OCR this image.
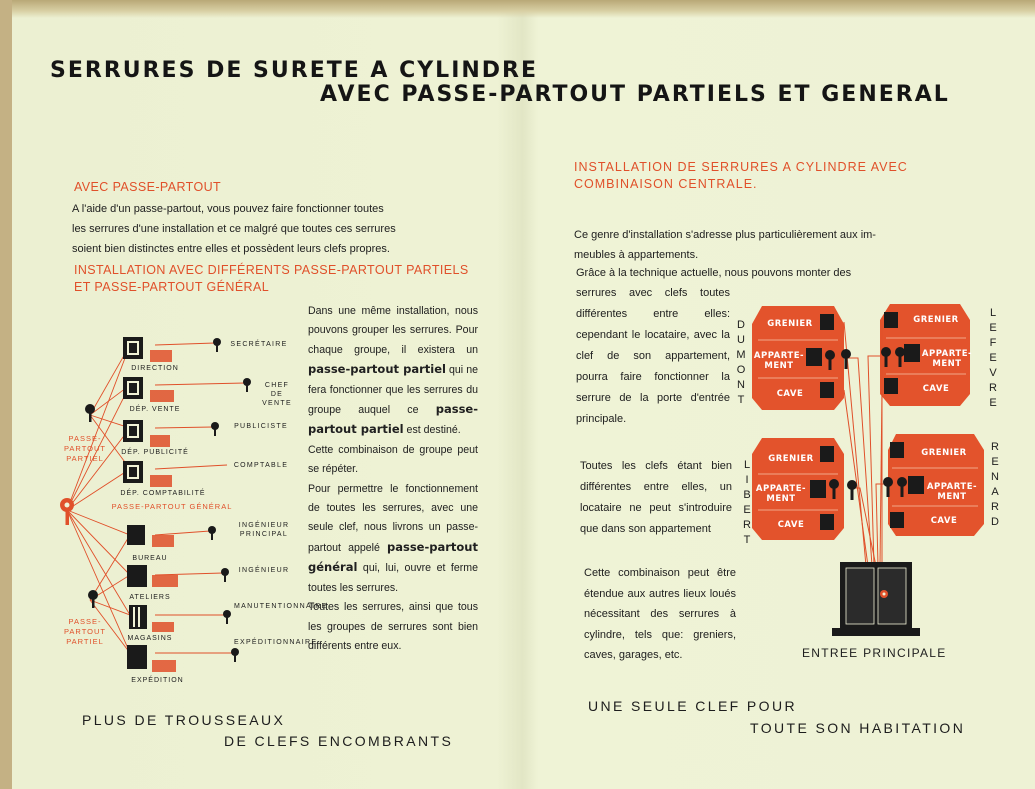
SERRURES DE SURETE A CYLINDRE
AVEC PASSE-PARTOUT PARTIELS ET GENERAL
AVEC PASSE-PARTOUT

A l'aide d'un passe-partout, vous pouvez faire fonctionner toutes

les serrures d'une installation et ce malgré que toutes ces serrures

soient bien distinctes entre elles et possèdent leurs clefs propres.

INSTALLATION AVEC DIFFÉRENTS PASSE-PARTOUT PARTIELS
ET PASSE-PARTOUT GÉNÉRAL
Dans une même installation, nous pouvons grouper les serrures. Pour chaque groupe, il existera un passe-partout partiel qui ne fera fonctionner que les serrures du groupe auquel ce passe-partout partiel est destiné.
Cette combinaison de groupe peut se répéter.
Pour permettre le fonctionnement de toutes les serrures, avec une seule clef, nous livrons un passe-partout appelé passe-partout général qui, lui, ouvre et ferme toutes les serrures.
Toutes les serrures, ainsi que tous les groupes de serrures sont bien différents entre eux.
DIRECTION
DÉP. VENTE
DÉP. PUBLICITÉ
DÉP. COMPTABILITÉ
BUREAU
ATELIERS
MAGASINS
EXPÉDITION
SECRÉTAIRE
CHEF DE VENTE
PUBLICISTE
COMPTABLE
INGÉNIEUR PRINCIPAL
INGÉNIEUR
MANUTENTIONNAIRE
EXPÉDITIONNAIRE
PASSE-PARTOUT PARTIEL
PASSE-PARTOUT GÉNÉRAL
PASSE-PARTOUT PARTIEL
PLUS DE TROUSSEAUX
DE CLEFS ENCOMBRANTS
INSTALLATION DE SERRURES A CYLINDRE AVEC
COMBINAISON CENTRALE.

Ce genre d'installation s'adresse plus particulièrement aux im-

meubles à appartements.

Grâce à la technique actuelle, nous pouvons monter des
serrures avec clefs toutes différentes entre elles: cependant le locataire, avec la clef de son appartement, pourra faire fonctionner la serrure de la porte d'entrée principale.
Toutes les clefs étant bien différentes entre elles, un locataire ne peut s'introduire que dans son appartement
Cette combinaison peut être étendue aux autres lieux loués nécessitant des serrures à cylindre, tels que: greniers, caves, garages, etc.
GRENIER
APPARTE- MENT
CAVE
GRENIER
APPARTE- MENT
CAVE
GRENIER
APPARTE- MENT
CAVE
GRENIER
APPARTE- MENT
CAVE
D
U
M
O
N
T
L
E
F
E
V
R
E
L
I
B
E
R
T
R
E
N
A
R
D
ENTREE PRINCIPALE
UNE SEULE CLEF POUR
TOUTE SON HABITATION
